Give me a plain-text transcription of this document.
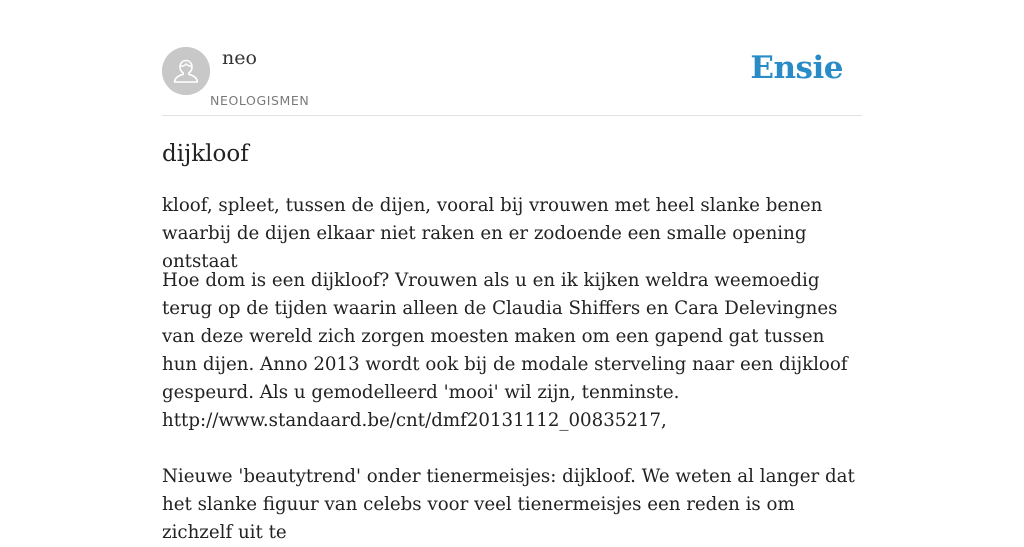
neo
NEOLOGISMEN
Ensie
dijkloof

kloof, spleet, tussen de dijen, vooral bij vrouwen met heel slanke benen waarbij de dijen elkaar niet raken en er zodoende een smalle opening ontstaat

Hoe dom is een dijkloof? Vrouwen als u en ik kijken weldra weemoedig terug op de tijden waarin alleen de Claudia Shiffers en Cara Delevingnes van deze wereld zich zorgen moesten maken om een gapend gat tussen hun dijen. Anno 2013 wordt ook bij de modale sterveling naar een dijkloof gespeurd. Als u gemodelleerd 'mooi' wil zijn, tenminste.
http://www.standaard.be/cnt/dmf20131112_00835217,

Nieuwe 'beautytrend' onder tienermeisjes: dijkloof. We weten al langer dat het slanke figuur van celebs voor veel tienermeisjes een reden is om zichzelf uit te
